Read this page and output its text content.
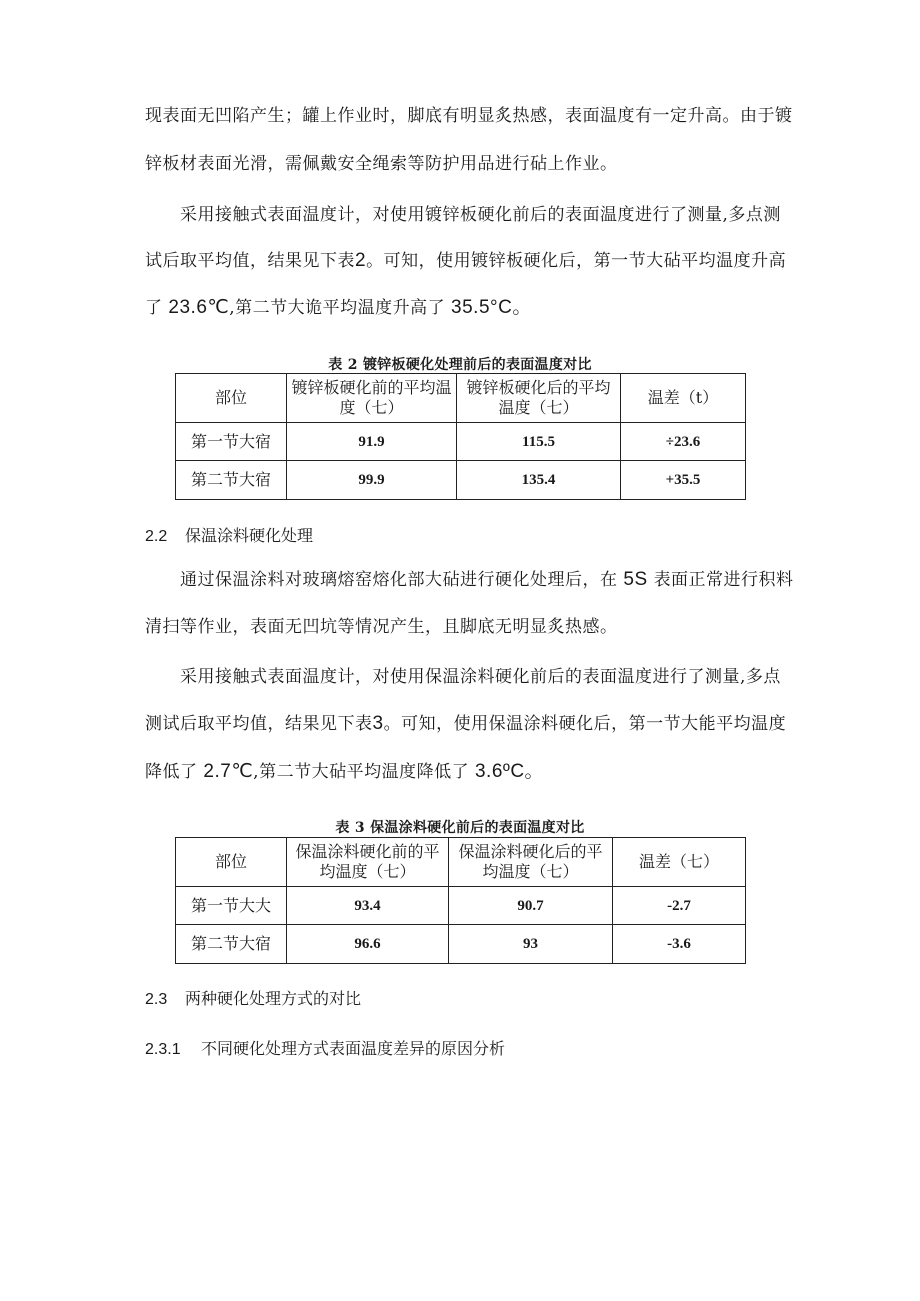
现表面无凹陷产生；罐上作业时，脚底有明显炙热感，表面温度有一定升高。由于镀
锌板材表面光滑，需佩戴安全绳索等防护用品进行砧上作业。
采用接触式表面温度计，对使用镀锌板硬化前后的表面温度进行了测量,多点测
试后取平均值，结果见下表2。可知，使用镀锌板硬化后，第一节大砧平均温度升高
了 23.6℃,第二节大诡平均温度升高了 35.5°C。
表 2 镀锌板硬化处理前后的表面温度对比
部位	镀锌板硬化前的平均温度（七）	镀锌板硬化后的平均温度（七）	温差（t）
第一节大宿	91.9	115.5	÷23.6
第二节大宿	99.9	135.4	+35.5
2.2 保温涂料硬化处理
通过保温涂料对玻璃熔窑熔化部大砧进行硬化处理后，在 5S 表面正常进行积料
清扫等作业，表面无凹坑等情况产生，且脚底无明显炙热感。
采用接触式表面温度计，对使用保温涂料硬化前后的表面温度进行了测量,多点
测试后取平均值，结果见下表3。可知，使用保温涂料硬化后，第一节大能平均温度
降低了 2.7℃,第二节大砧平均温度降低了 3.6ºC。
表 3 保温涂料硬化前后的表面温度对比
部位	保温涂料硬化前的平均温度（七）	保温涂料硬化后的平均温度（七）	温差（七）
第一节大大	93.4	90.7	-2.7
第二节大宿	96.6	93	-3.6
2.3 两种硬化处理方式的对比
2.3.1 不同硬化处理方式表面温度差异的原因分析
